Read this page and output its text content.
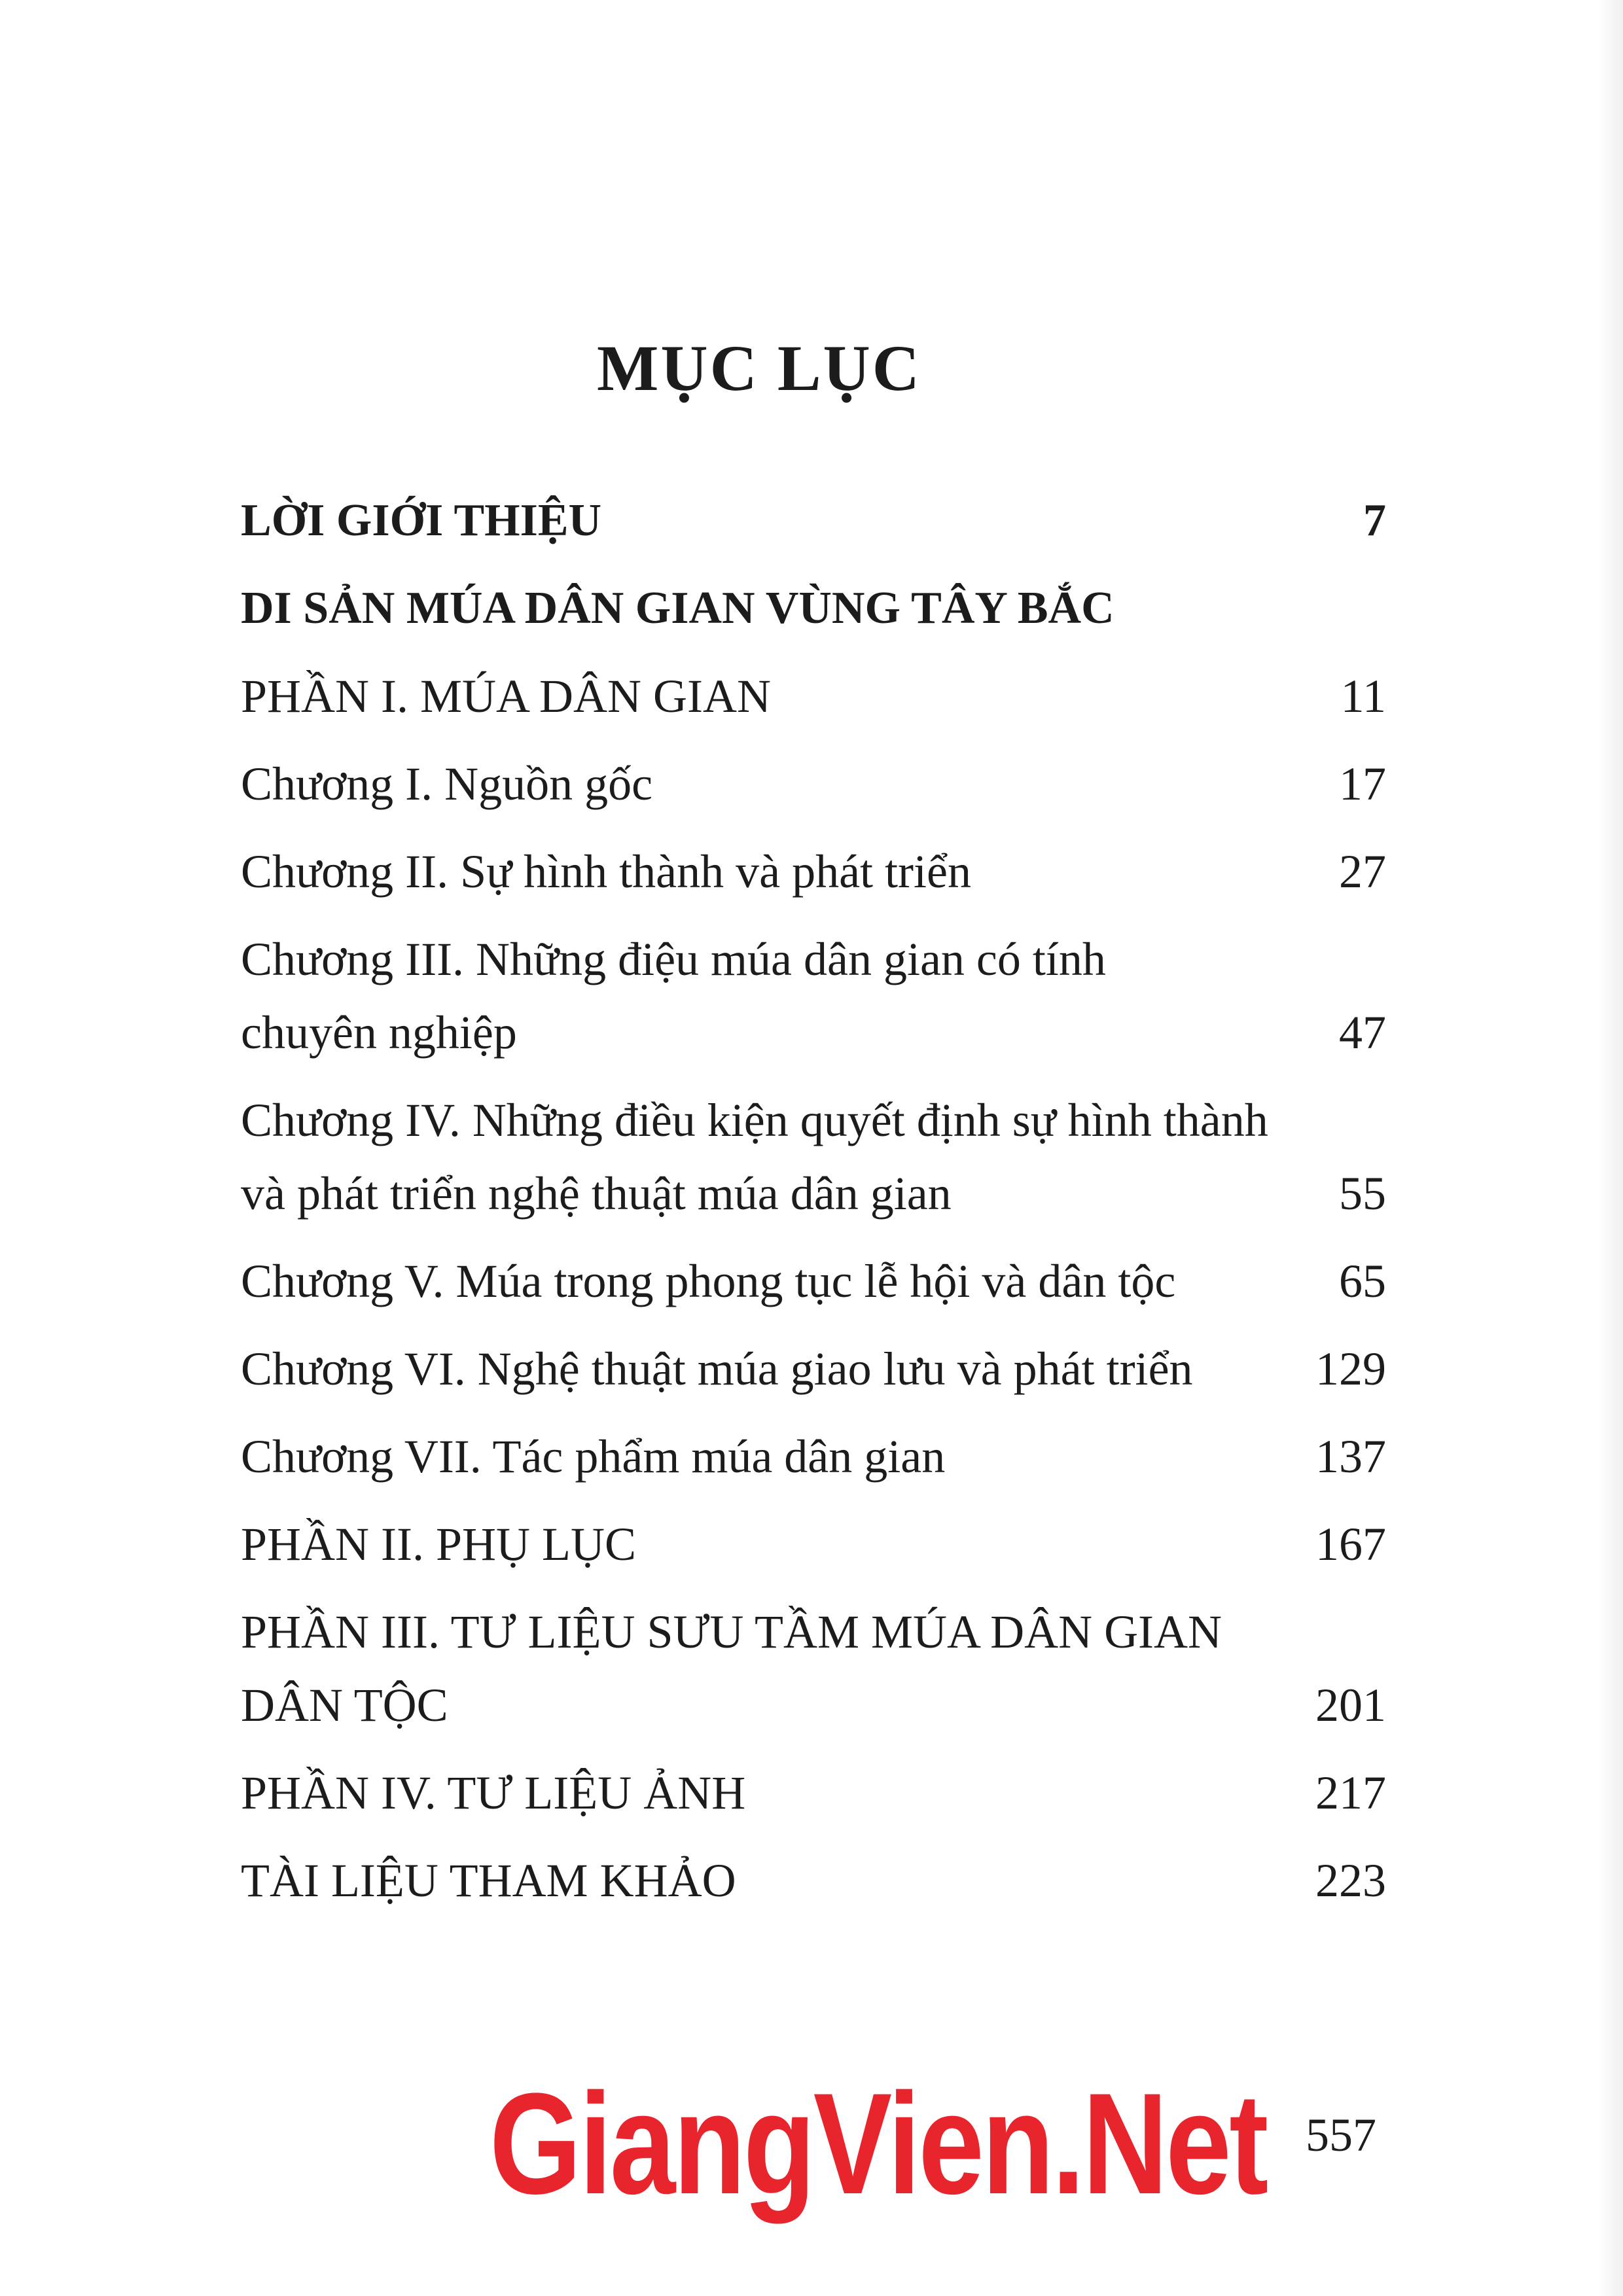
MỤC LỤC
LỜI GIỚI THIỆU .....	7
DI SẢN MÚA DÂN GIAN VÙNG TÂY BẮC
PHẦN I. MÚA DÂN GIAN .....	11
Chương I. Nguồn gốc .....	17
Chương II. Sự hình thành và phát triển .....	27
Chương III. Những điệu múa dân gian có tính
chuyên nghiệp .....	47
Chương IV. Những điều kiện quyết định sự hình thành
và phát triển nghệ thuật múa dân gian .....	55
Chương V. Múa trong phong tục lễ hội và dân tộc .....	65
Chương VI. Nghệ thuật múa giao lưu và phát triển .....	129
Chương VII. Tác phẩm múa dân gian .....	137
PHẦN II. PHỤ LỤC .....	167
PHẦN III. TƯ LIỆU SƯU TẦM MÚA DÂN GIAN
DÂN TỘC .....	201
PHẦN IV. TƯ LIỆU ẢNH .....	217
TÀI LIỆU THAM KHẢO .....	223
GiangVien.Net 557
